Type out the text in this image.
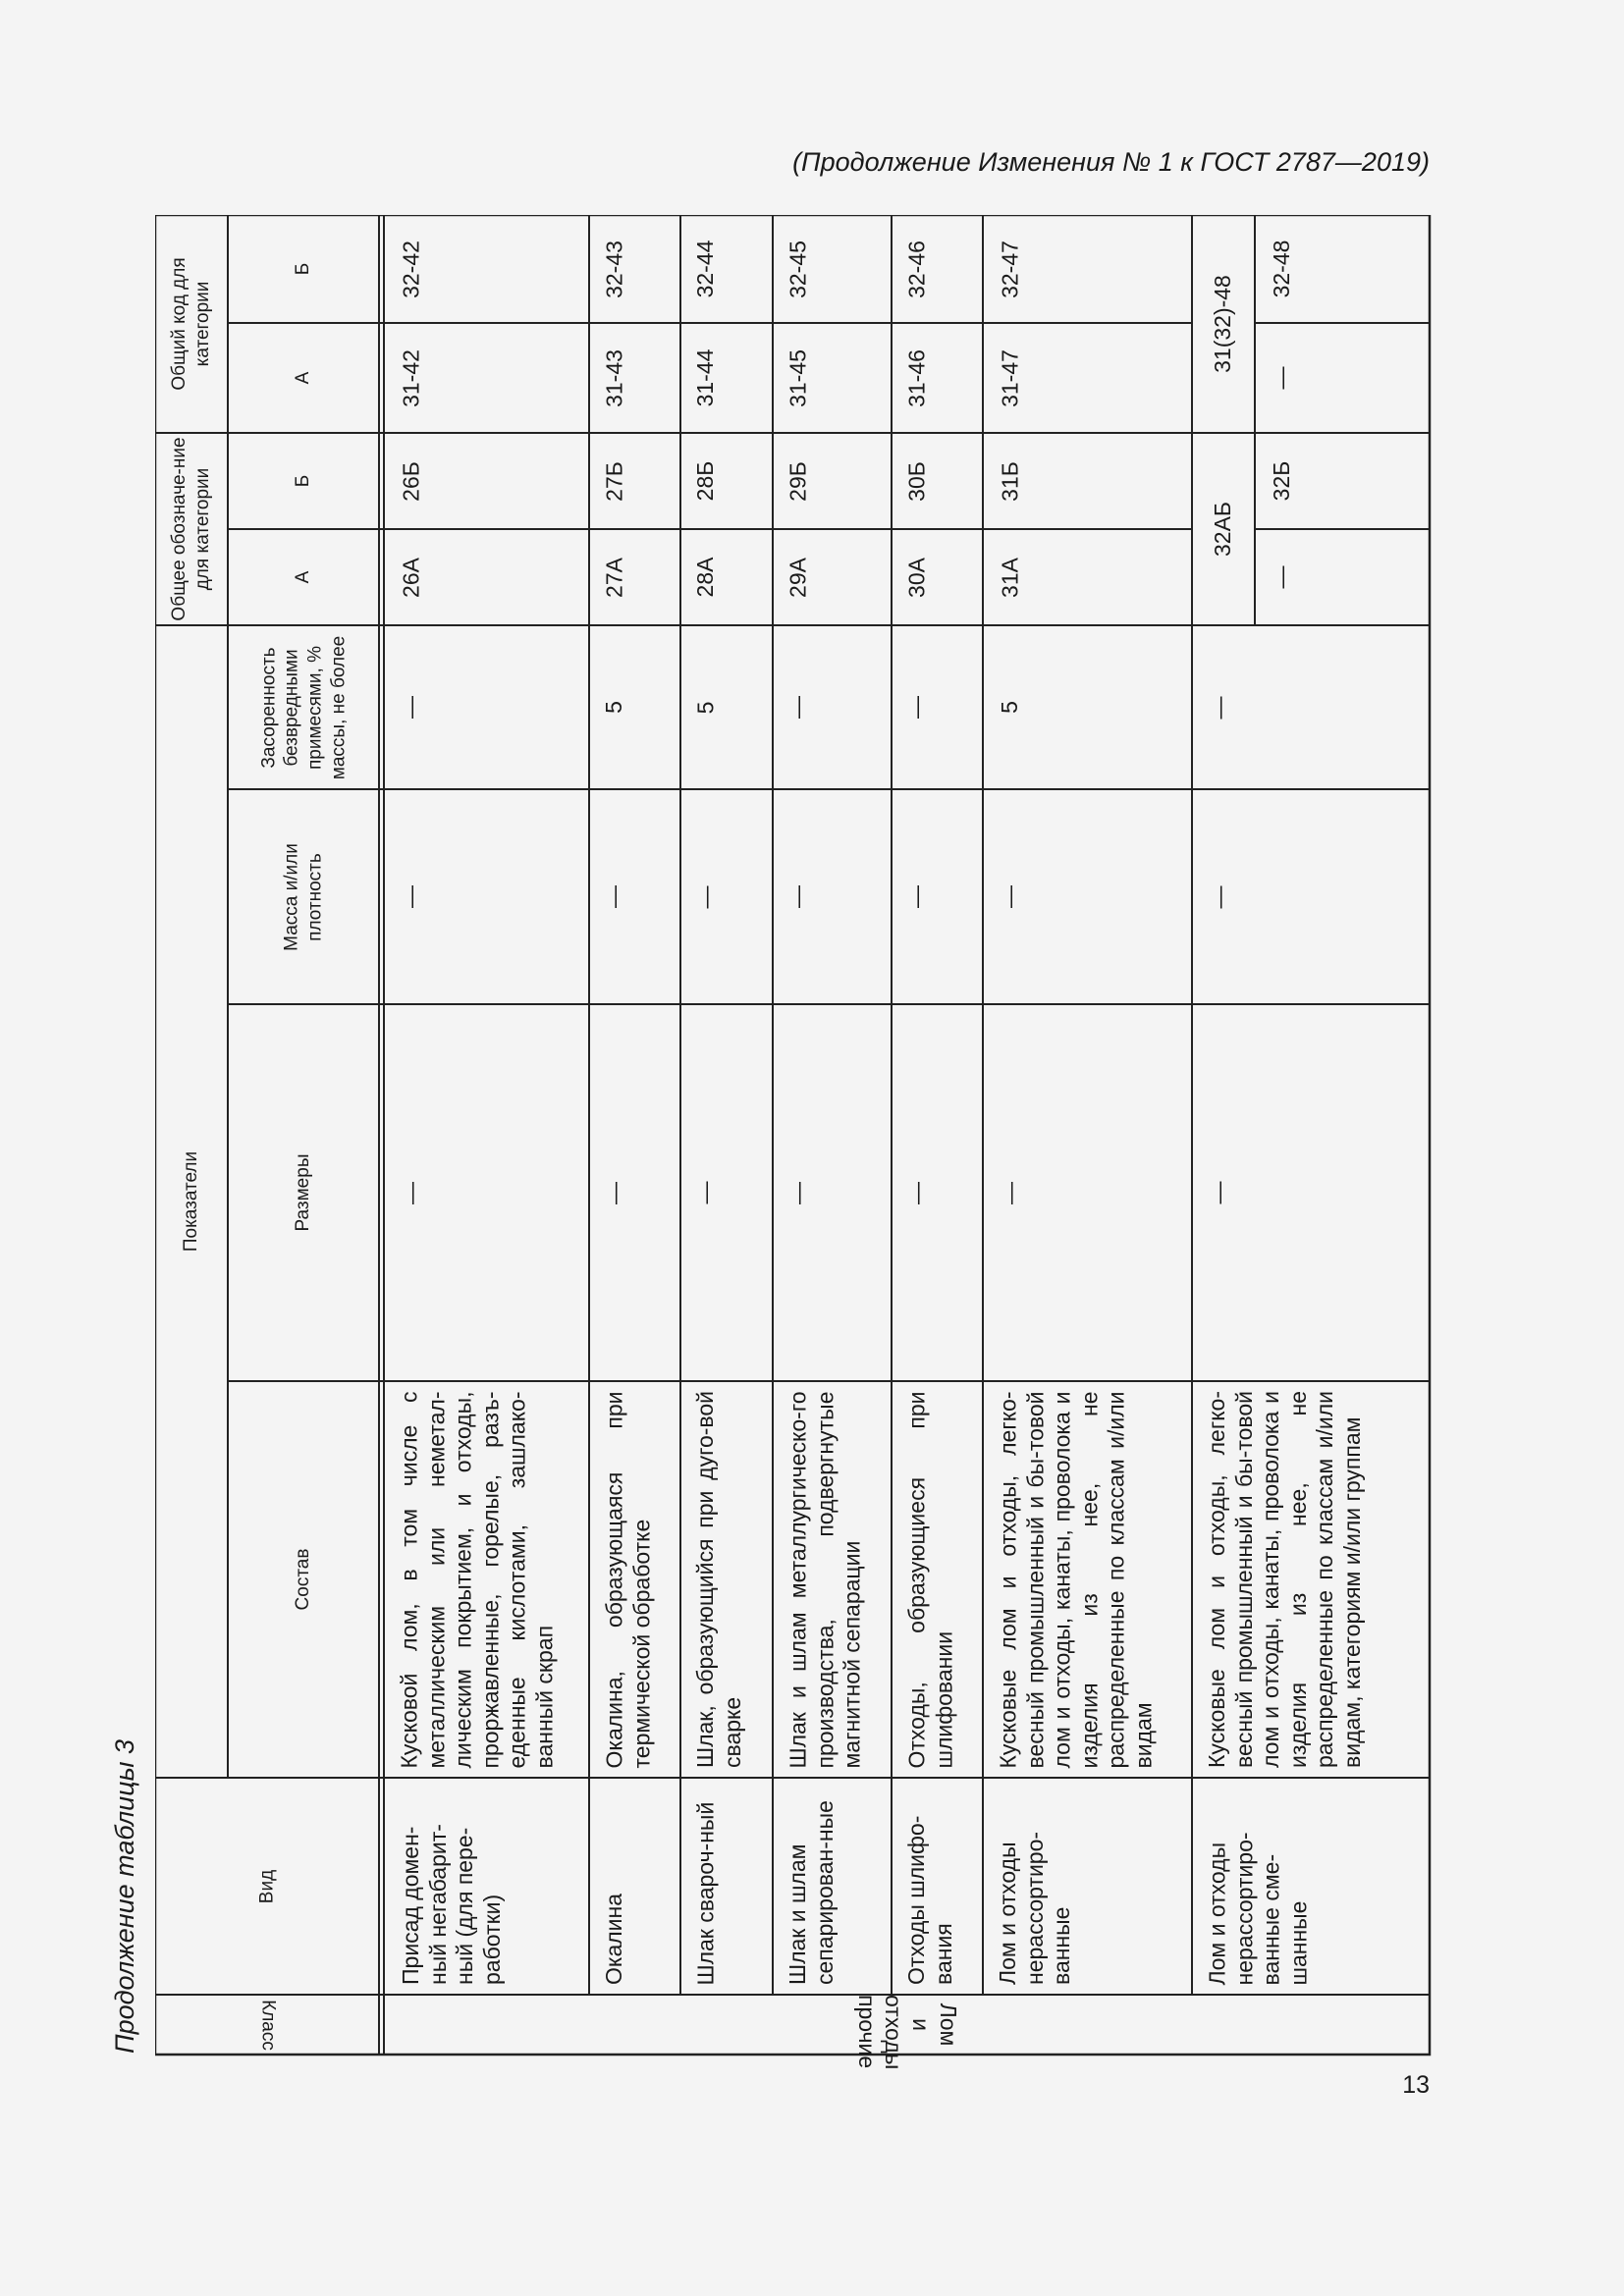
(Продолжение Изменения № 1 к ГОСТ 2787—2019)
Продолжение таблицы 3
13
Класс
Вид
Показатели
Состав
Размеры
Масса и/или плотность
Засоренность безвредными примесями, % массы, не более
Общее обозначе-ние для категории	А
Б
Общий код для категории
А
Б
Лом и отходы прочие
Присад домен-ный негабарит-ный (для пере-работки)
Кусковой лом, в том числе с металлическим или неметал-лическим покрытием, и отходы, проржавленные, горелые, разъ-еденные кислотами, зашлако-ванный скрап
—
—
—
26А
26Б
31-42
32-42
Окалина
Окалина, образующаяся при термической обработке
—
—
5
27А
27Б
31-43
32-43
Шлак свароч-ный
Шлак, образующийся при дуго-вой сварке
—
—
5
28А
28Б
31-44
32-44
Шлак и шлам сепарирован-ные
Шлак и шлам металлургическо-го производства, подвергнутые магнитной сепарации
—
—
—
29А
29Б
31-45
32-45
Отходы шлифо-вания
Отходы, образующиеся при шлифовании
—
—
—
30А
30Б
31-46
32-46
Лом и отходы нерассортиро-ванные
Кусковые лом и отходы, легко-весный промышленный и бы-товой лом и отходы, канаты, проволока и изделия из нее, не распределенные по классам и/или видам
—
—
5
31А
31Б
31-47
32-47
Лом и отходы нерассортиро-ванные сме-шанные
Кусковые лом и отходы, легко-весный промышленный и бы-товой лом и отходы, канаты, проволока и изделия из нее, не распределенные по классам и/или видам, категориям и/или группам
—
—
—
32АБ
—
32Б
31(32)-48
—
32-48
